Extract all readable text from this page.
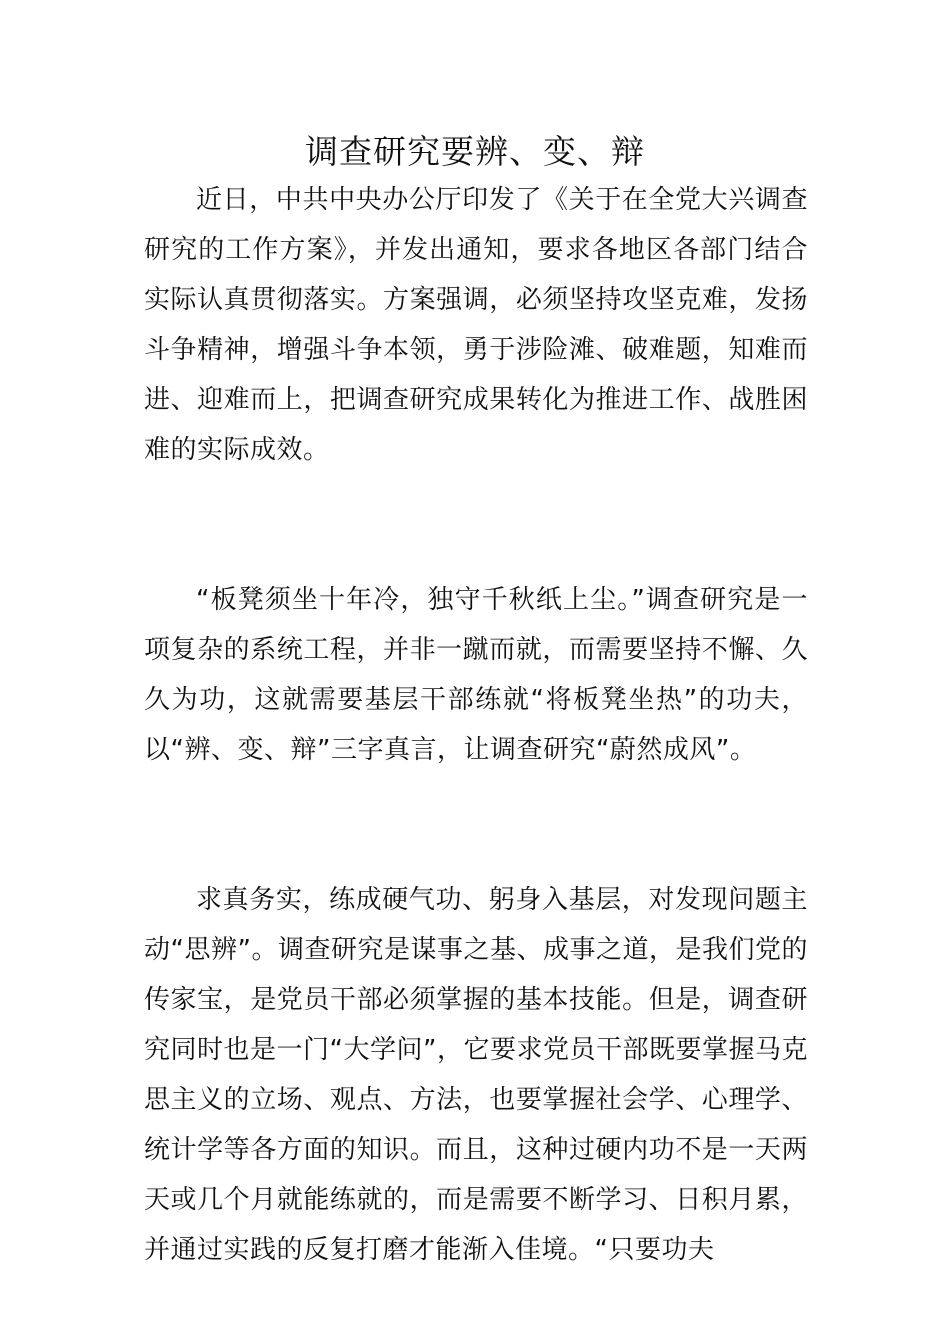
调查研究要辨、变、辩

近日，中共中央办公厅印发了《关于在全党大兴调查研究的工作方案》，并发出通知，要求各地区各部门结合实际认真贯彻落实。方案强调，必须坚持攻坚克难，发扬斗争精神，增强斗争本领，勇于涉险滩、破难题，知难而进、迎难而上，把调查研究成果转化为推进工作、战胜困难的实际成效。

“板凳须坐十年冷，独守千秋纸上尘。”调查研究是一项复杂的系统工程，并非一蹴而就，而需要坚持不懈、久久为功，这就需要基层干部练就“将板凳坐热”的功夫，以“辨、变、辩”三字真言，让调查研究“蔚然成风”。

求真务实，练成硬气功、躬身入基层，对发现问题主动“思辨”。调查研究是谋事之基、成事之道，是我们党的传家宝，是党员干部必须掌握的基本技能。但是，调查研究同时也是一门“大学问”，它要求党员干部既要掌握马克思主义的立场、观点、方法，也要掌握社会学、心理学、统计学等各方面的知识。而且，这种过硬内功不是一天两天或几个月就能练就的，而是需要不断学习、日积月累，并通过实践的反复打磨才能渐入佳境。“只要功夫
